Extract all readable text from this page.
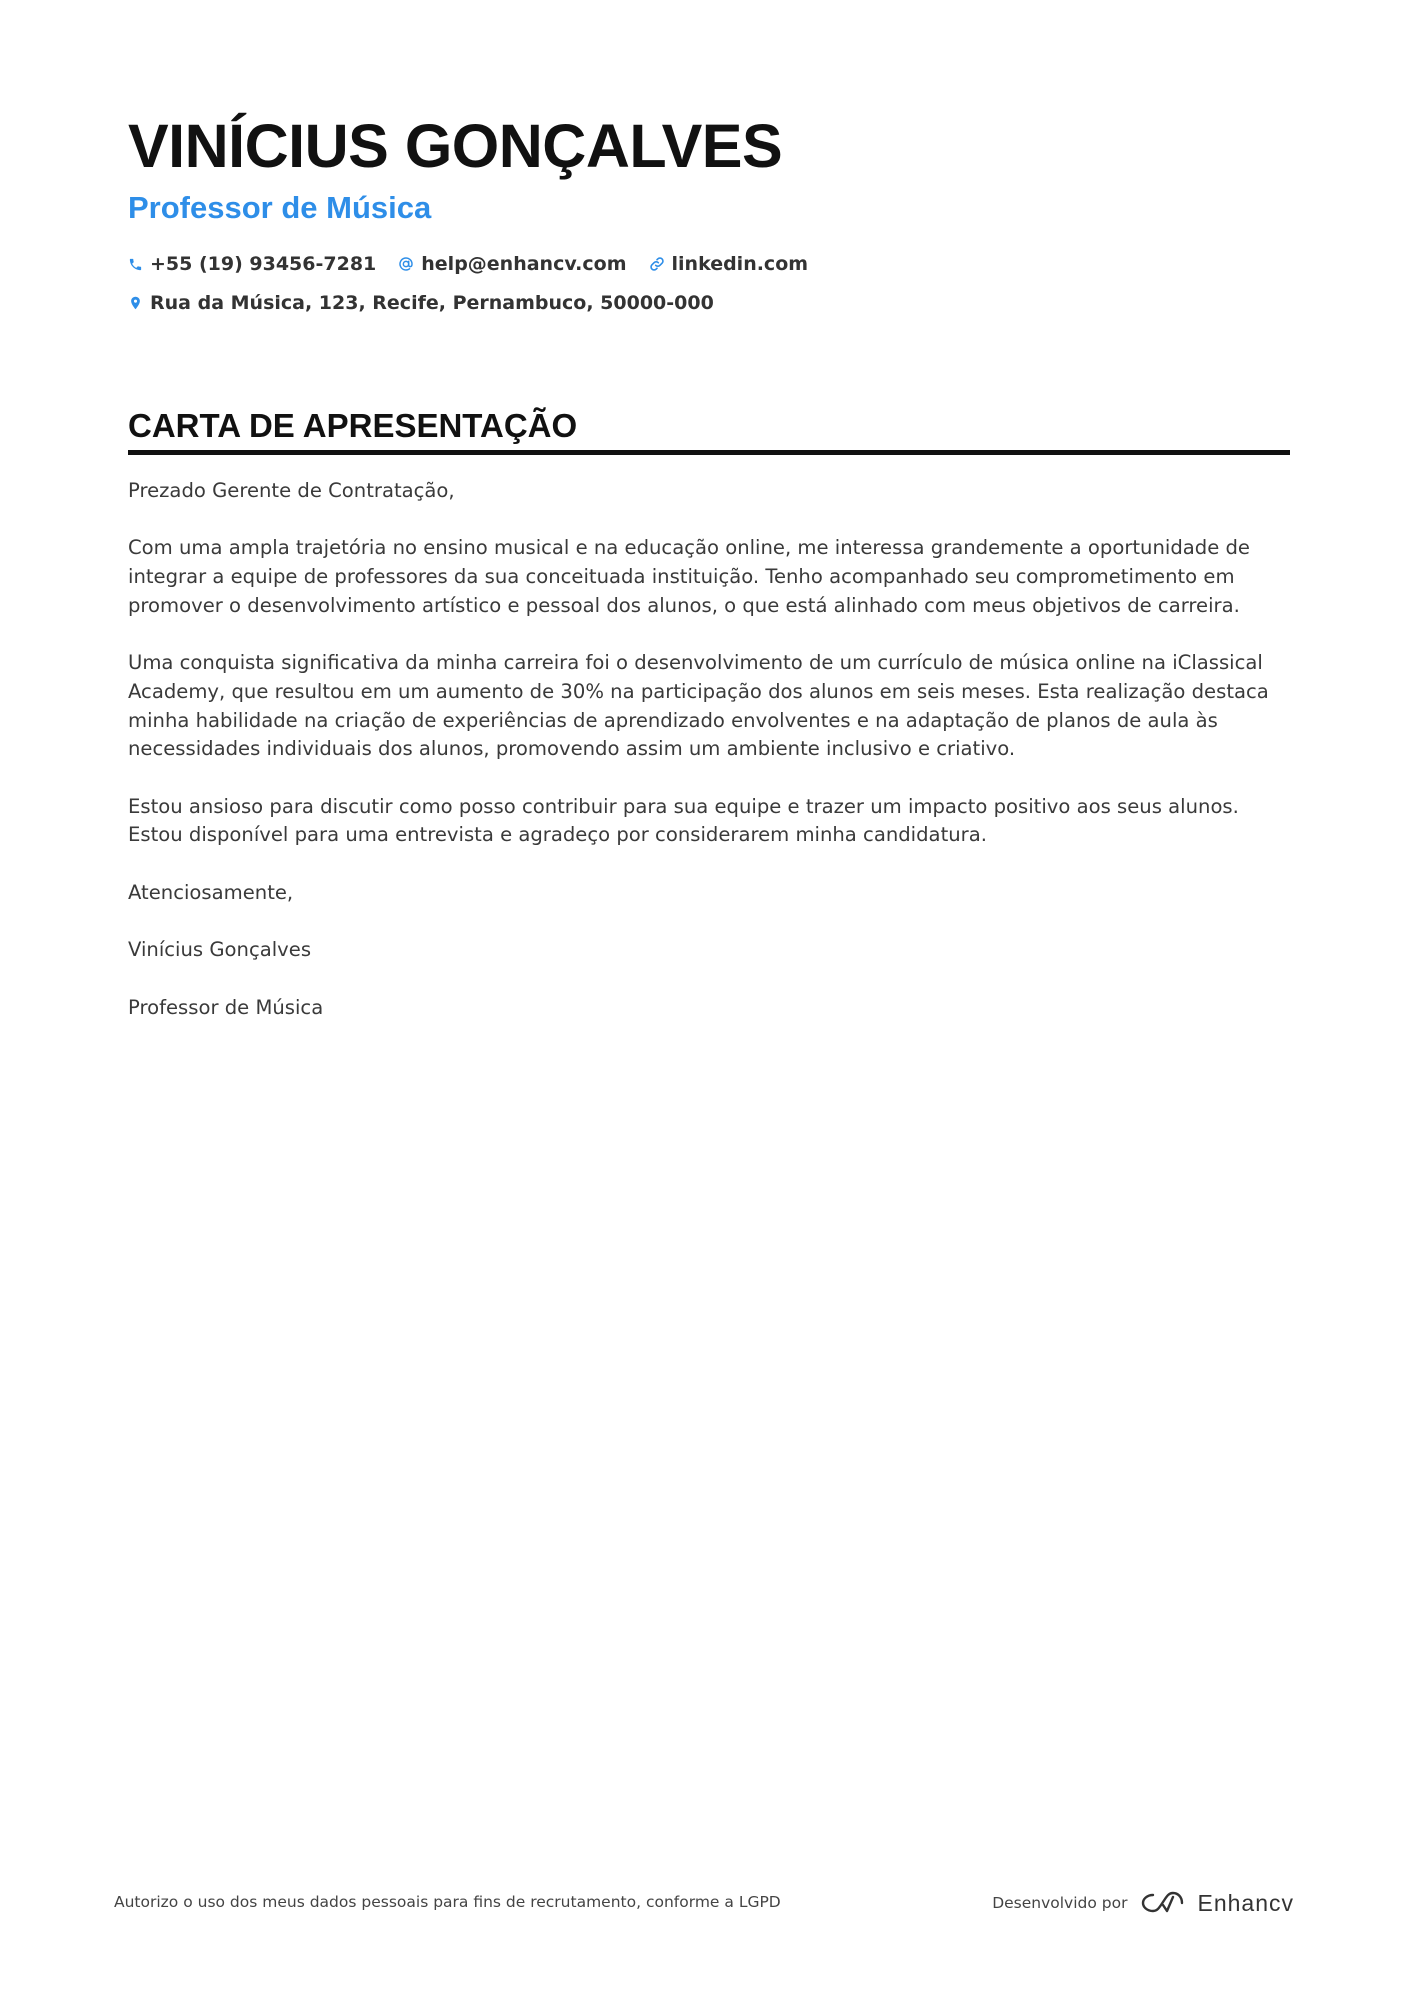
VINÍCIUS GONÇALVES
Professor de Música
+55 (19) 93456-7281 help@enhancv.com linkedin.com
Rua da Música, 123, Recife, Pernambuco, 50000-000
CARTA DE APRESENTAÇÃO

Prezado Gerente de Contratação,

Com uma ampla trajetória no ensino musical e na educação online, me interessa grandemente a oportunidade de integrar a equipe de professores da sua conceituada instituição. Tenho acompanhado seu comprometimento em promover o desenvolvimento artístico e pessoal dos alunos, o que está alinhado com meus objetivos de carreira.

Uma conquista significativa da minha carreira foi o desenvolvimento de um currículo de música online na iClassical Academy, que resultou em um aumento de 30% na participação dos alunos em seis meses. Esta realização destaca minha habilidade na criação de experiências de aprendizado envolventes e na adaptação de planos de aula às necessidades individuais dos alunos, promovendo assim um ambiente inclusivo e criativo.

Estou ansioso para discutir como posso contribuir para sua equipe e trazer um impacto positivo aos seus alunos. Estou disponível para uma entrevista e agradeço por considerarem minha candidatura.

Atenciosamente,

Vinícius Gonçalves

Professor de Música

Autorizo o uso dos meus dados pessoais para fins de recrutamento, conforme a LGPD	Desenvolvido por	Enhancv
